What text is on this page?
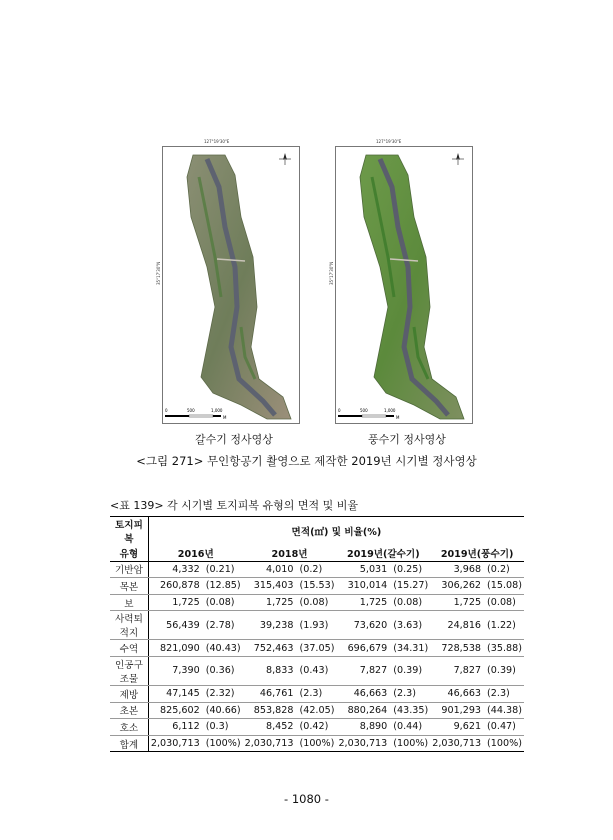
0	500	1,000
M
127°19'30"E
35°17'30"N
갈수기 정사영상
0	500	1,000
M
127°19'30"E
35°17'30"N
풍수기 정사영상
<그림 271> 무인항공기 촬영으로 제작한 2019년 시기별 정사영상
<표 139> 각 시기별 토지피복 유형의 면적 및 비율
토지피복	면적(㎡) 및 비율(%)							
유형	2016년		2018년		2019년(갈수기)		2019년(풍수기)	
기반암	4,332	(0.21)	4,010	(0.2)	5,031	(0.25)	3,968	(0.2)
목본	260,878	(12.85)	315,403	(15.53)	310,014	(15.27)	306,262	(15.08)
보	1,725	(0.08)	1,725	(0.08)	1,725	(0.08)	1,725	(0.08)
사력퇴적지	56,439	(2.78)	39,238	(1.93)	73,620	(3.63)	24,816	(1.22)
수역	821,090	(40.43)	752,463	(37.05)	696,679	(34.31)	728,538	(35.88)
인공구조물	7,390	(0.36)	8,833	(0.43)	7,827	(0.39)	7,827	(0.39)
제방	47,145	(2.32)	46,761	(2.3)	46,663	(2.3)	46,663	(2.3)
초본	825,602	(40.66)	853,828	(42.05)	880,264	(43.35)	901,293	(44.38)
호소	6,112	(0.3)	8,452	(0.42)	8,890	(0.44)	9,621	(0.47)
합계	2,030,713	(100%)	2,030,713	(100%)	2,030,713	(100%)	2,030,713	(100%)
- 1080 -
